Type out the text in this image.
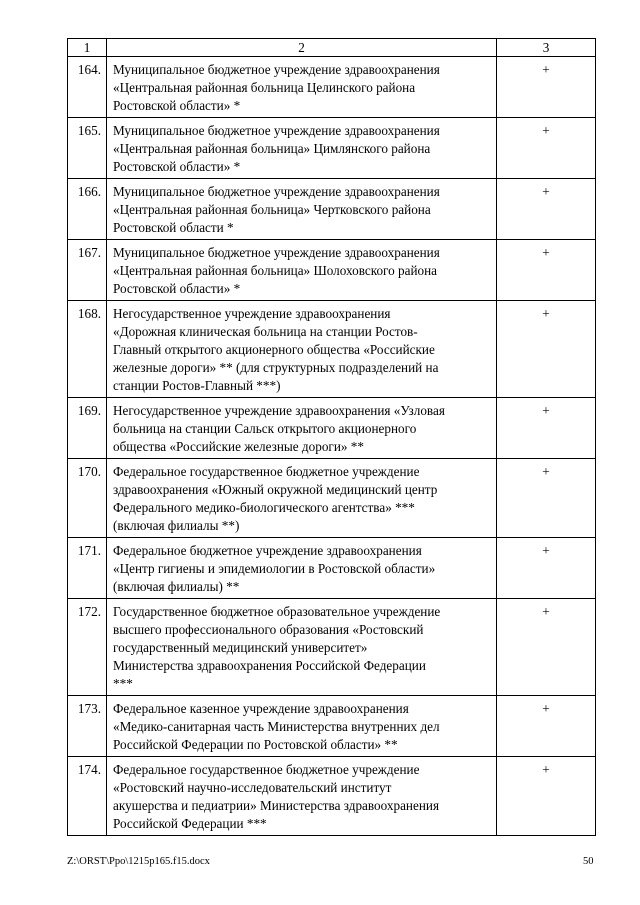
1	2	3
164.	Муниципальное бюджетное учреждение здравоохранения
«Центральная районная больница Целинского района
Ростовской области» *	+
165.	Муниципальное бюджетное учреждение здравоохранения
«Центральная районная больница» Цимлянского района
Ростовской области» *	+
166.	Муниципальное бюджетное учреждение здравоохранения
«Центральная районная больница» Чертковского района
Ростовской области *	+
167.	Муниципальное бюджетное учреждение здравоохранения
«Центральная районная больница» Шолоховского района
Ростовской области» *	+
168.	Негосударственное учреждение здравоохранения
«Дорожная клиническая больница на станции Ростов-
Главный открытого акционерного общества «Российские
железные дороги» ** (для структурных подразделений на
станции Ростов-Главный ***)	+
169.	Негосударственное учреждение здравоохранения «Узловая
больница на станции Сальск открытого акционерного
общества «Российские железные дороги» **	+
170.	Федеральное государственное бюджетное учреждение
здравоохранения «Южный окружной медицинский центр
Федерального медико-биологического агентства» ***
(включая филиалы **)	+
171.	Федеральное бюджетное учреждение здравоохранения
«Центр гигиены и эпидемиологии в Ростовской области»
(включая филиалы) **	+
172.	Государственное бюджетное образовательное учреждение
высшего профессионального образования «Ростовский
государственный медицинский университет»
Министерства здравоохранения Российской Федерации
***	+
173.	Федеральное казенное учреждение здравоохранения
«Медико-санитарная часть Министерства внутренних дел
Российской Федерации по Ростовской области» **	+
174.	Федеральное государственное бюджетное учреждение
«Ростовский научно-исследовательский институт
акушерства и педиатрии» Министерства здравоохранения
Российской Федерации ***	+
Z:\ORST\Ppo\1215p165.f15.docx	50
